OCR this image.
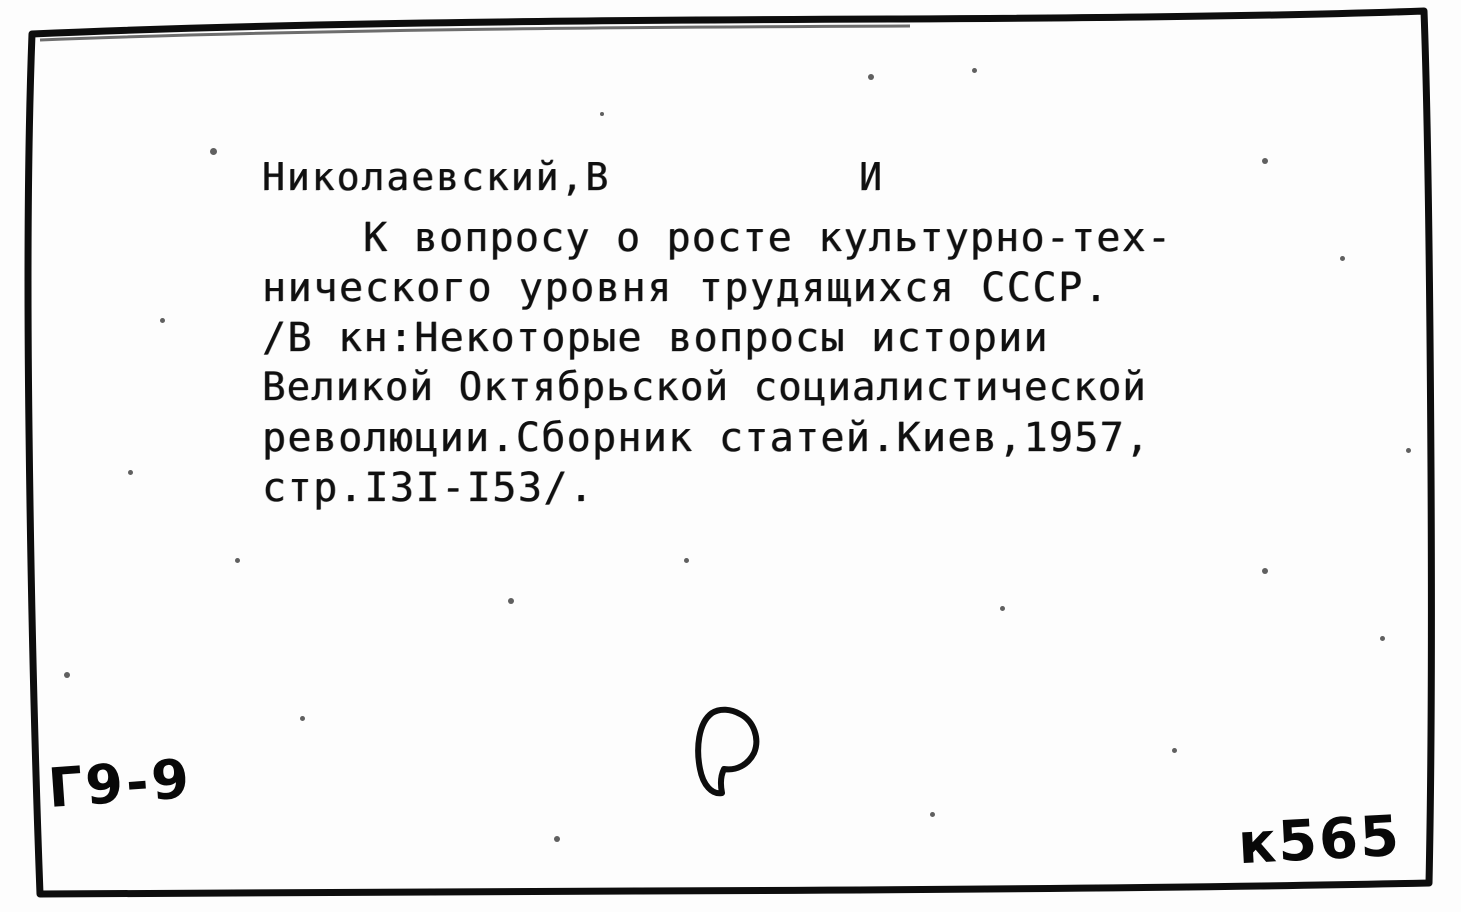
Николаевский,В          И
К вопросу о росте культурно-тех-
нического уровня трудящихся СССР.
/В кн:Некоторые вопросы истории
Великой Октябрьской социалистической
революции.Сборник статей.Киев,1957,
стр.I3I-I53/.
Г9-9
к565
